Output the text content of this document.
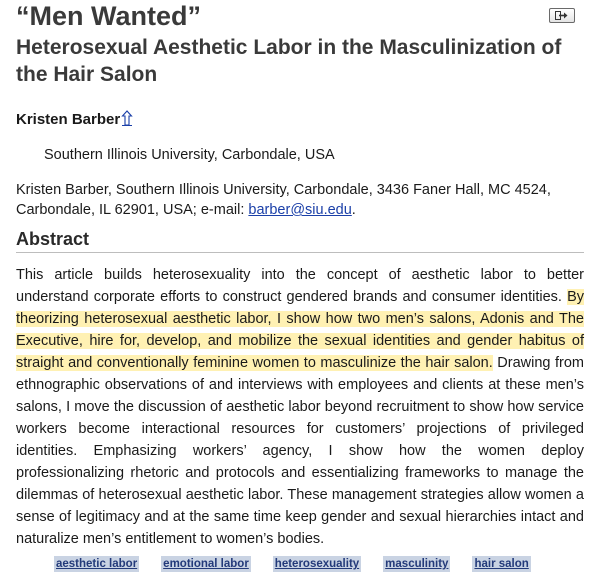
“Men Wanted”
Heterosexual Aesthetic Labor in the Masculinization of the Hair Salon
Kristen Barber
Southern Illinois University, Carbondale, USA
Kristen Barber, Southern Illinois University, Carbondale, 3436 Faner Hall, MC 4524, Carbondale, IL 62901, USA; e-mail: barber@siu.edu.
Abstract

This article builds heterosexuality into the concept of aesthetic labor to better understand corporate efforts to construct gendered brands and consumer identities. By theorizing heterosexual aesthetic labor, I show how two men’s salons, Adonis and The Executive, hire for, develop, and mobilize the sexual identities and gender habitus of straight and conventionally feminine women to masculinize the hair salon. Drawing from ethnographic observations of and interviews with employees and clients at these men’s salons, I move the discussion of aesthetic labor beyond recruitment to show how service workers become interactional resources for customers’ projections of privileged identities. Emphasizing workers’ agency, I show how the women deploy professionalizing rhetoric and protocols and essentializing frameworks to manage the dilemmas of heterosexual aesthetic labor. These management strategies allow women a sense of legitimacy and at the same time keep gender and sexual hierarchies intact and naturalize men’s entitlement to women’s bodies.

aesthetic labor emotional labor heterosexuality masculinity hair salon
